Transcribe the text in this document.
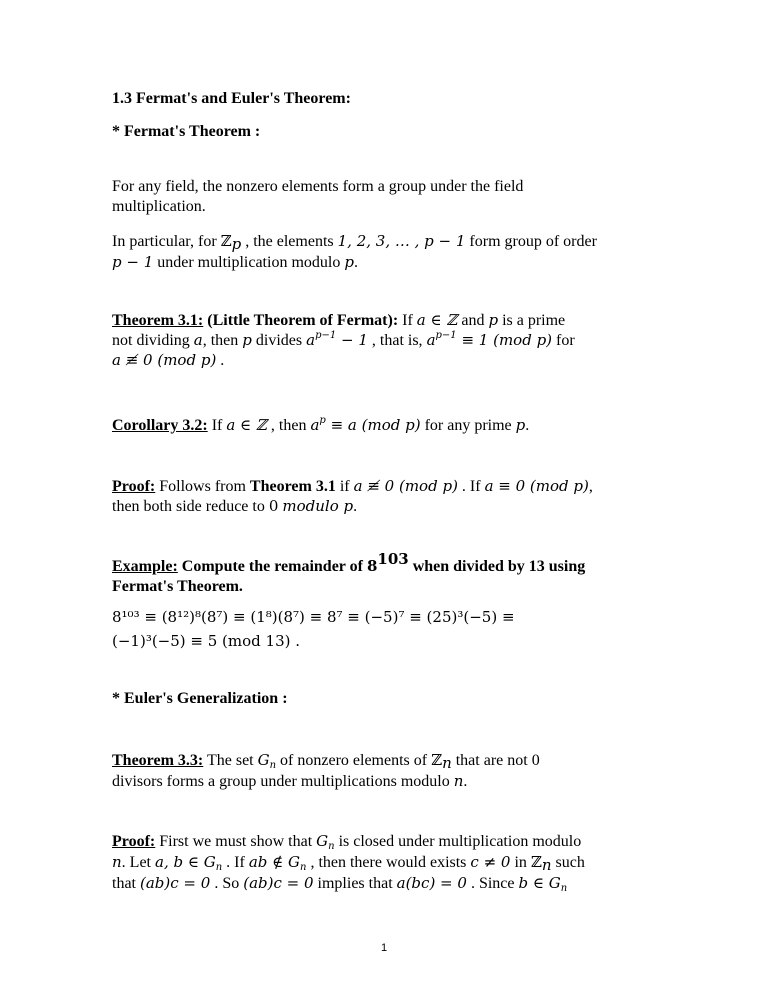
1.3 Fermat's and Euler's Theorem:
* Fermat's Theorem :
For any field, the nonzero elements form a group under the field
multiplication.
In particular, for ℤ$_p$ , the elements 1, 2, 3, … , p − 1 form group of order
p − 1 under multiplication modulo p.
Theorem 3.1: (Little Theorem of Fermat): If a ∈ ℤ and p is a prime
not dividing a, then p divides $a^{p-1} - 1$ , that is, $a^{p-1} \equiv 1$ (mod p) for
a ≢ 0 (mod p) .
Corollary 3.2: If a ∈ ℤ , then $a^p \equiv a$ (mod p) for any prime p.
Proof: Follows from Theorem 3.1 if a ≢ 0 (mod p) . If a ≡ 0 (mod p),
then both side reduce to 0 modulo p.
Example: Compute the remainder of $8^{103}$ when divided by 13 using
Fermat's Theorem.
8¹⁰³ ≡ (8¹²)⁸(8⁷) ≡ (1⁸)(8⁷) ≡ 8⁷ ≡ (−5)⁷ ≡ (25)³(−5) ≡
(−1)³(−5) ≡ 5 (mod 13) .
* Euler's Generalization :
Theorem 3.3: The set $G_n$ of nonzero elements of ℤ$_n$ that are not 0
divisors forms a group under multiplications modulo n.
Proof: First we must show that $G_n$ is closed under multiplication modulo
n. Let a, b ∈ $G_n$ . If ab ∉ $G_n$ , then there would exists c ≠ 0 in ℤ$_n$ such
that (ab)c = 0 . So (ab)c = 0 implies that a(bc) = 0 . Since b ∈ $G_n$
1
